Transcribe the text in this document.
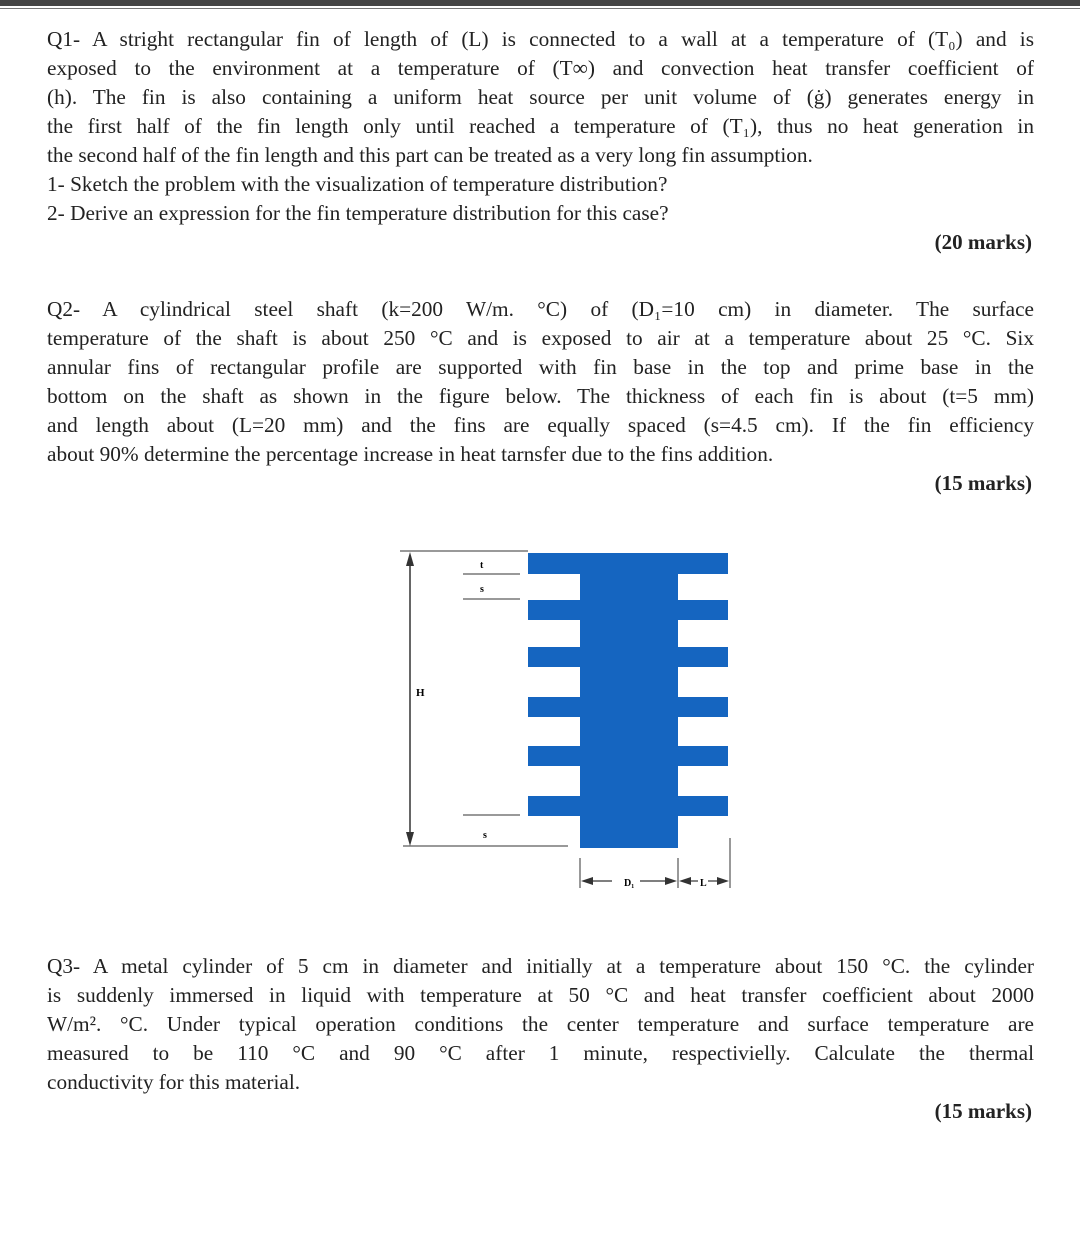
Q1- A stright rectangular fin of length of (L) is connected to a wall at a temperature of (T₀) and is
exposed to the environment at a temperature of (T∞) and convection heat transfer coefficient of
(h). The fin is also containing a uniform heat source per unit volume of (ġ) generates energy in
the first half of the fin length only until reached a temperature of (T₁), thus no heat generation in
the second half of the fin length and this part can be treated as a very long fin assumption.
1- Sketch the problem with the visualization of temperature distribution?
2- Derive an expression for the fin temperature distribution for this case?
(20 marks)
Q2- A cylindrical steel shaft (k=200 W/m. °C) of (D₁=10 cm) in diameter. The surface
temperature of the shaft is about 250 °C and is exposed to air at a temperature about 25 °C. Six
annular fins of rectangular profile are supported with fin base in the top and prime base in the
bottom on the shaft as shown in the figure below. The thickness of each fin is about (t=5 mm)
and length about (L=20 mm) and the fins are equally spaced (s=4.5 cm). If the fin efficiency
about 90% determine the percentage increase in heat tarnsfer due to the fins addition.
(15 marks)
H
t
s
s
D₁	L
Q3- A metal cylinder of 5 cm in diameter and initially at a temperature about 150 °C. the cylinder
is suddenly immersed in liquid with temperature at 50 °C and heat transfer coefficient about 2000
W/m². °C. Under typical operation conditions the center temperature and surface temperature are
measured to be 110 °C and 90 °C after 1 minute, respectivielly. Calculate the thermal
conductivity for this material.
(15 marks)
